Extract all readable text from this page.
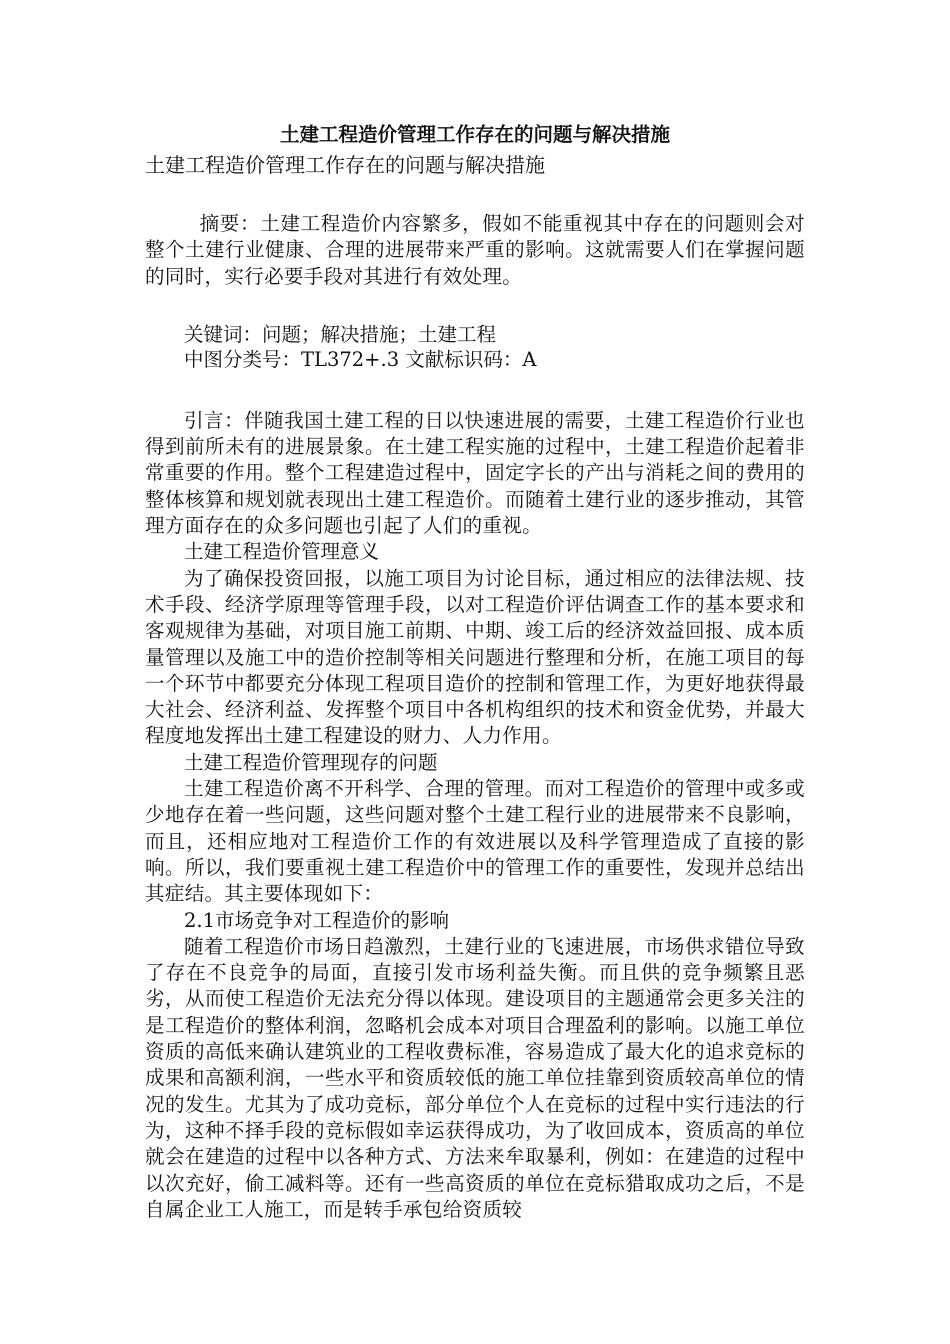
土建工程造价管理工作存在的问题与解决措施

土建工程造价管理工作存在的问题与解决措施

摘要：土建工程造价内容繁多，假如不能重视其中存在的问题则会对整个土建行业健康、合理的进展带来严重的影响。这就需要人们在掌握问题的同时，实行必要手段对其进行有效处理。

关键词：问题；解决措施；土建工程

中图分类号：TL372+.3 文献标识码：A

引言：伴随我国土建工程的日以快速进展的需要，土建工程造价行业也得到前所未有的进展景象。在土建工程实施的过程中，土建工程造价起着非常重要的作用。整个工程建造过程中，固定字长的产出与消耗之间的费用的整体核算和规划就表现出土建工程造价。而随着土建行业的逐步推动，其管理方面存在的众多问题也引起了人们的重视。

土建工程造价管理意义

为了确保投资回报，以施工项目为讨论目标，通过相应的法律法规、技术手段、经济学原理等管理手段，以对工程造价评估调查工作的基本要求和客观规律为基础，对项目施工前期、中期、竣工后的经济效益回报、成本质量管理以及施工中的造价控制等相关问题进行整理和分析，在施工项目的每一个环节中都要充分体现工程项目造价的控制和管理工作，为更好地获得最大社会、经济利益、发挥整个项目中各机构组织的技术和资金优势，并最大程度地发挥出土建工程建设的财力、人力作用。

土建工程造价管理现存的问题

土建工程造价离不开科学、合理的管理。而对工程造价的管理中或多或少地存在着一些问题，这些问题对整个土建工程行业的进展带来不良影响，而且，还相应地对工程造价工作的有效进展以及科学管理造成了直接的影响。所以，我们要重视土建工程造价中的管理工作的重要性，发现并总结出其症结。其主要体现如下：

2.1市场竞争对工程造价的影响

随着工程造价市场日趋激烈，土建行业的飞速进展，市场供求错位导致了存在不良竞争的局面，直接引发市场利益失衡。而且供的竞争频繁且恶劣，从而使工程造价无法充分得以体现。建设项目的主题通常会更多关注的是工程造价的整体利润，忽略机会成本对项目合理盈利的影响。以施工单位资质的高低来确认建筑业的工程收费标准，容易造成了最大化的追求竞标的成果和高额利润，一些水平和资质较低的施工单位挂靠到资质较高单位的情况的发生。尤其为了成功竞标，部分单位个人在竞标的过程中实行违法的行为，这种不择手段的竞标假如幸运获得成功，为了收回成本，资质高的单位就会在建造的过程中以各种方式、方法来牟取暴利，例如：在建造的过程中以次充好，偷工减料等。还有一些高资质的单位在竞标猎取成功之后，不是自属企业工人施工，而是转手承包给资质较
